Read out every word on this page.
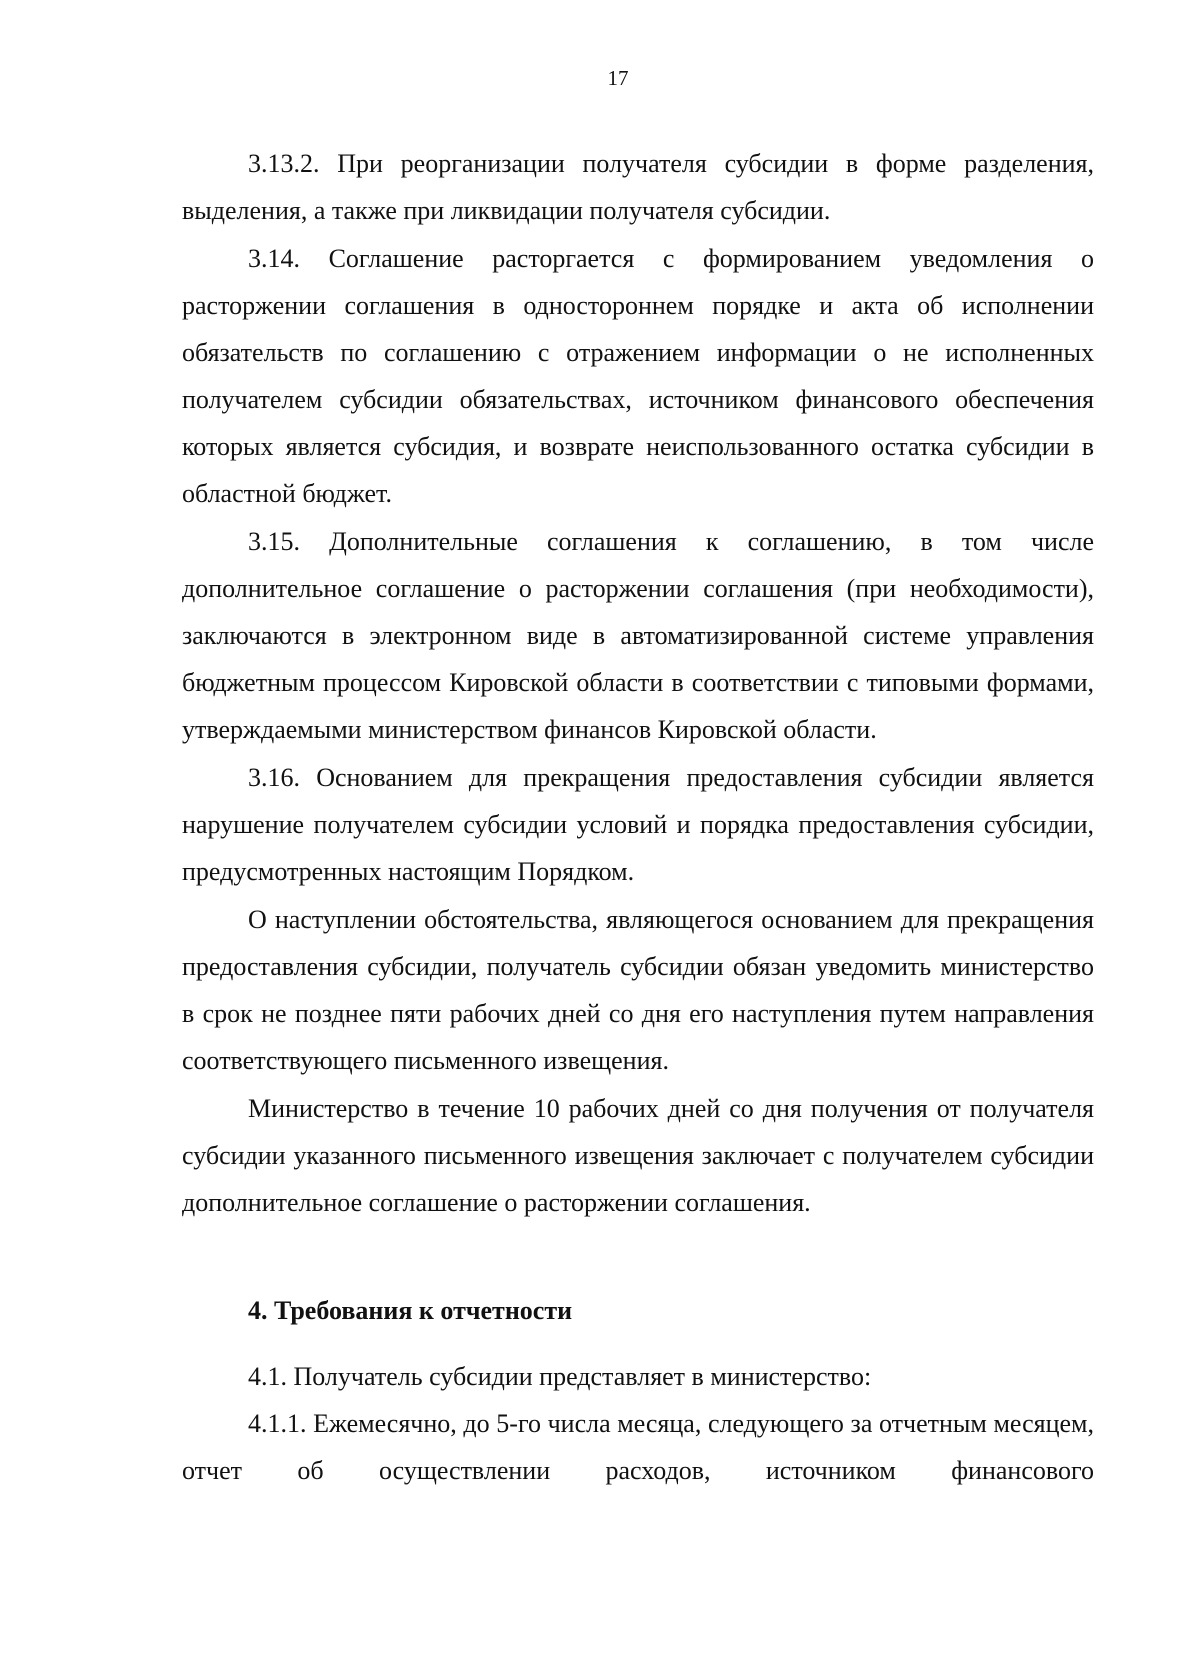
17

3.13.2. При реорганизации получателя субсидии в форме разделения, выделения, а также при ликвидации получателя субсидии.

3.14. Соглашение расторгается с формированием уведомления о расторжении соглашения в одностороннем порядке и акта об исполнении обязательств по соглашению с отражением информации о не исполненных получателем субсидии обязательствах, источником финансового обеспечения которых является субсидия, и возврате неиспользованного остатка субсидии в областной бюджет.

3.15. Дополнительные соглашения к соглашению, в том числе дополнительное соглашение о расторжении соглашения (при необходимости), заключаются в электронном виде в автоматизированной системе управления бюджетным процессом Кировской области в соответствии с типовыми формами, утверждаемыми министерством финансов Кировской области.

3.16. Основанием для прекращения предоставления субсидии является нарушение получателем субсидии условий и порядка предоставления субсидии, предусмотренных настоящим Порядком.

О наступлении обстоятельства, являющегося основанием для прекращения предоставления субсидии, получатель субсидии обязан уведомить министерство в срок не позднее пяти рабочих дней со дня его наступления путем направления соответствующего письменного извещения.

Министерство в течение 10 рабочих дней со дня получения от получателя субсидии указанного письменного извещения заключает с получателем субсидии дополнительное соглашение о расторжении соглашения.

4. Требования к отчетности

4.1. Получатель субсидии представляет в министерство:

4.1.1. Ежемесячно, до 5-го числа месяца, следующего за отчетным месяцем, отчет об осуществлении расходов, источником финансового
